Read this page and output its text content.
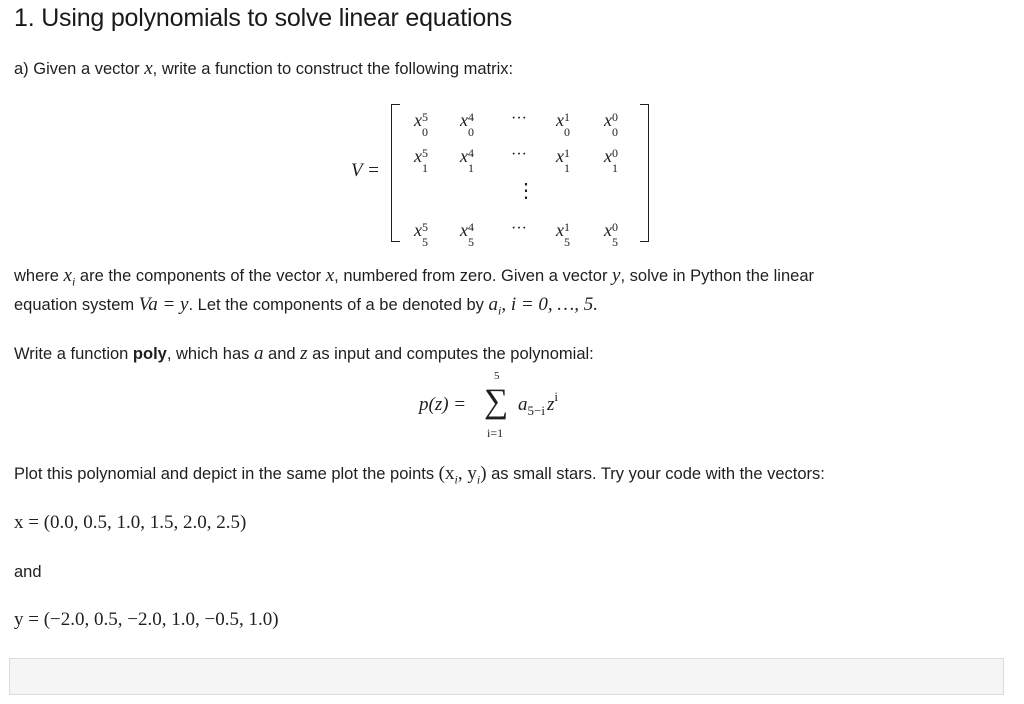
1. Using polynomials to solve linear equations
a) Given a vector x, write a function to construct the following matrix:
V =
x 5
0
x 4
0
··· x 1
0
x 0
0
x 5
1
x 4
1
··· x 1
1
x 0
1
⋮
x 5
5
x 4
5
··· x 1
5
x 0
5
where $x_i$ are the components of the vector x, numbered from zero. Given a vector y, solve in Python the linear
equation system Va = y. Let the components of a be denoted by $a_i$, i = 0, …, 5.
Write a function poly, which has a and z as input and computes the polynomial:
p(z) =
5
∑
i=1
$a_{5-i}$ $z^i$
Plot this polynomial and depict in the same plot the points ($x_i$, $y_i$) as small stars. Try your code with the vectors:
x = (0.0, 0.5, 1.0, 1.5, 2.0, 2.5)
and
y = (−2.0, 0.5, −2.0, 1.0, −0.5, 1.0)
